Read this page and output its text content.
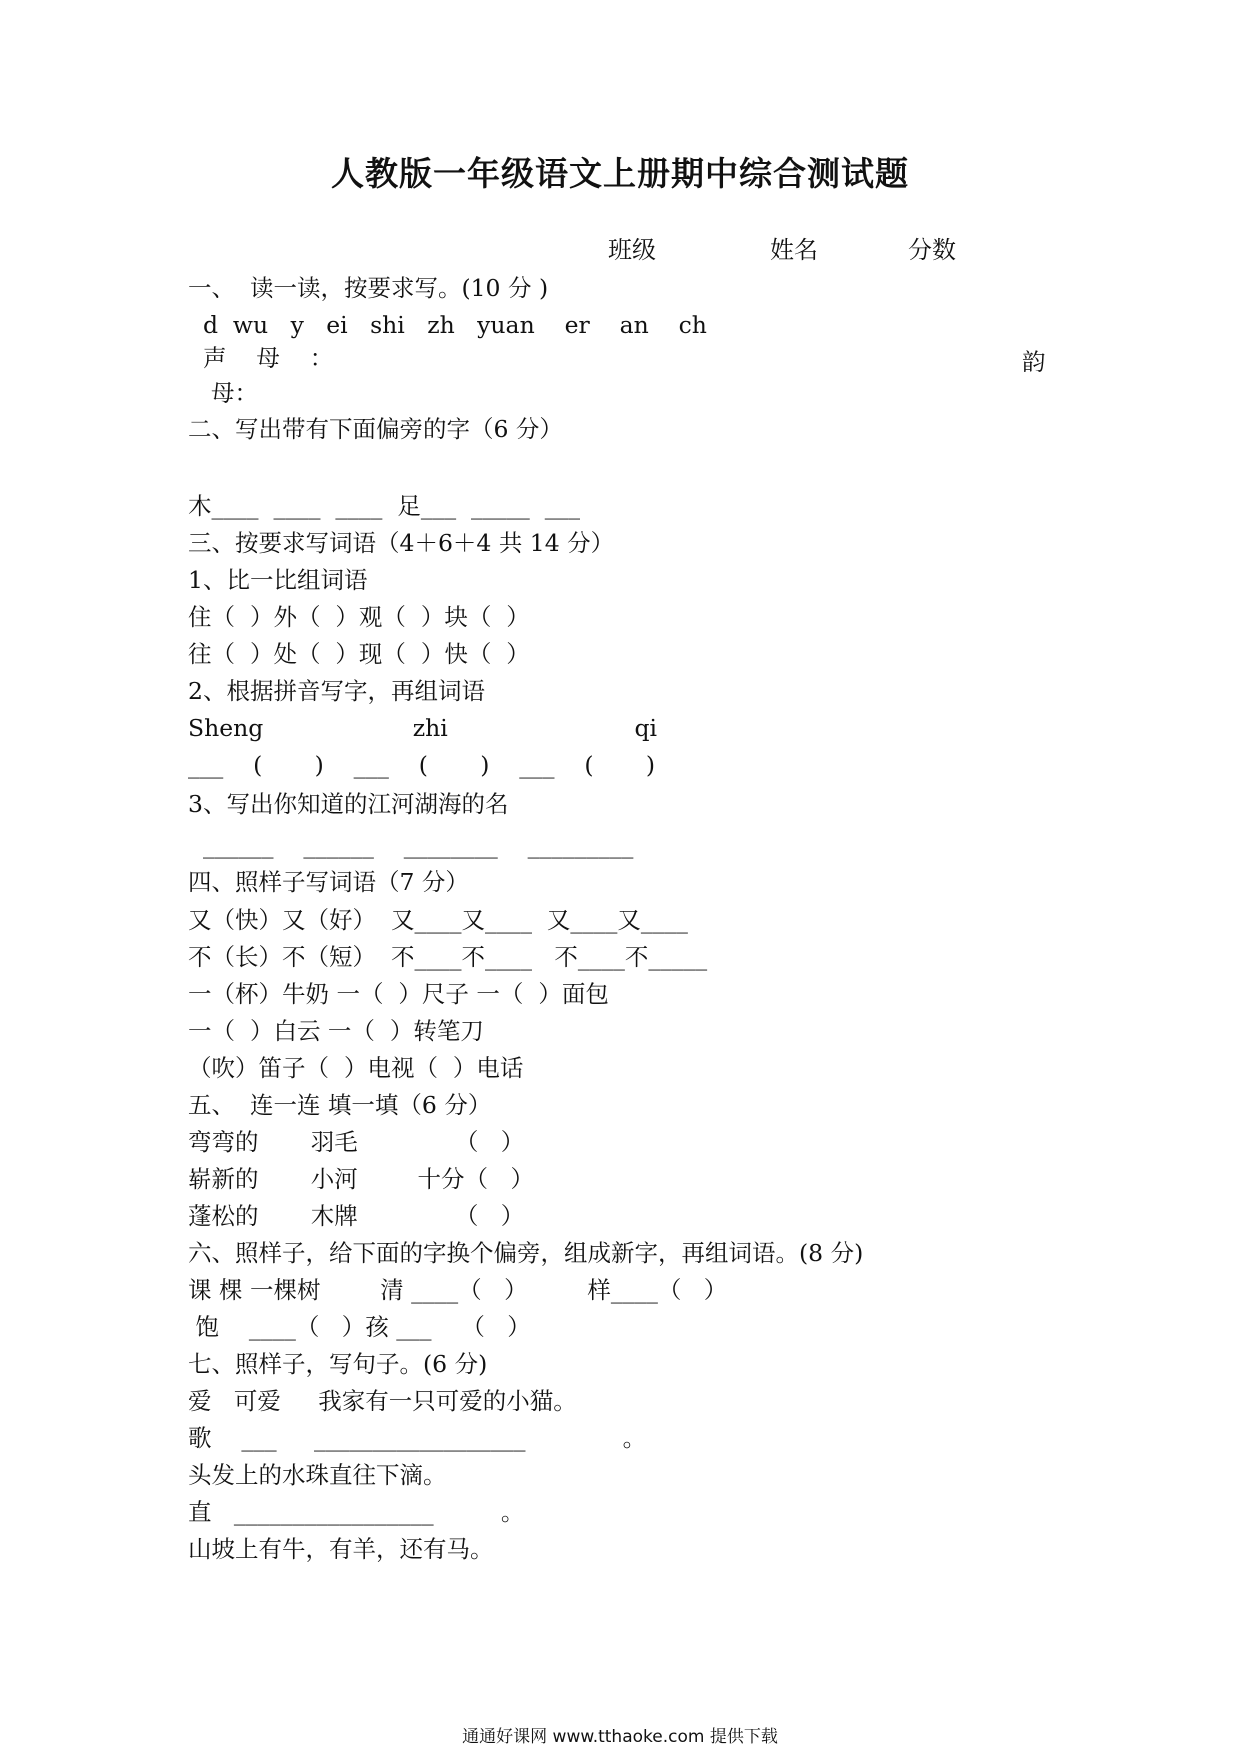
人教版一年级语文上册期中综合测试题
班级	姓名	分数
一、  读一读，按要求写。(10 分 )
d  wu   y   ei   shi   zh   yuan    er    an    ch
声    母    ：
母：
二、写出带有下面偏旁的字（6 分）
木____  ____  ____  足___  _____  ___
三、按要求写词语（4＋6＋4 共 14 分）
1、比一比组词语
住（  ）外（  ）观（  ）块（  ）
往（  ）处（  ）现（  ）快（  ）
2、根据拼音写字，再组词语
Sheng                    zhi                         qi
___    (       )    ___    (       )    ___    (       )
3、写出你知道的江河湖海的名
______    ______    ________    _________
四、照样子写词语（7 分）
又（快）又（好）  又____又____  又____又____
不（长）不（短）  不____不____   不____不_____
一（杯）牛奶 一（  ）尺子 一（  ）面包
一（  ）白云 一（  ）转笔刀
（吹）笛子（  ）电视（  ）电话
五、  连一连 填一填（6 分）
弯弯的       羽毛             （   ）
崭新的       小河        十分（   ）
蓬松的       木牌             （   ）
六、照样子，给下面的字换个偏旁，组成新字，再组词语。(8 分)
课 棵 一棵树        清 ____（   ）        样____（   ）
饱    ____（   ）孩 ___    （   ）
七、照样子，写句子。(6 分)
爱   可爱     我家有一只可爱的小猫。
歌    ___     __________________             。
头发上的水珠直往下滴。
直   _________________         。
山坡上有牛，有羊，还有马。
韵
通通好课网 www.tthaoke.com 提供下载
